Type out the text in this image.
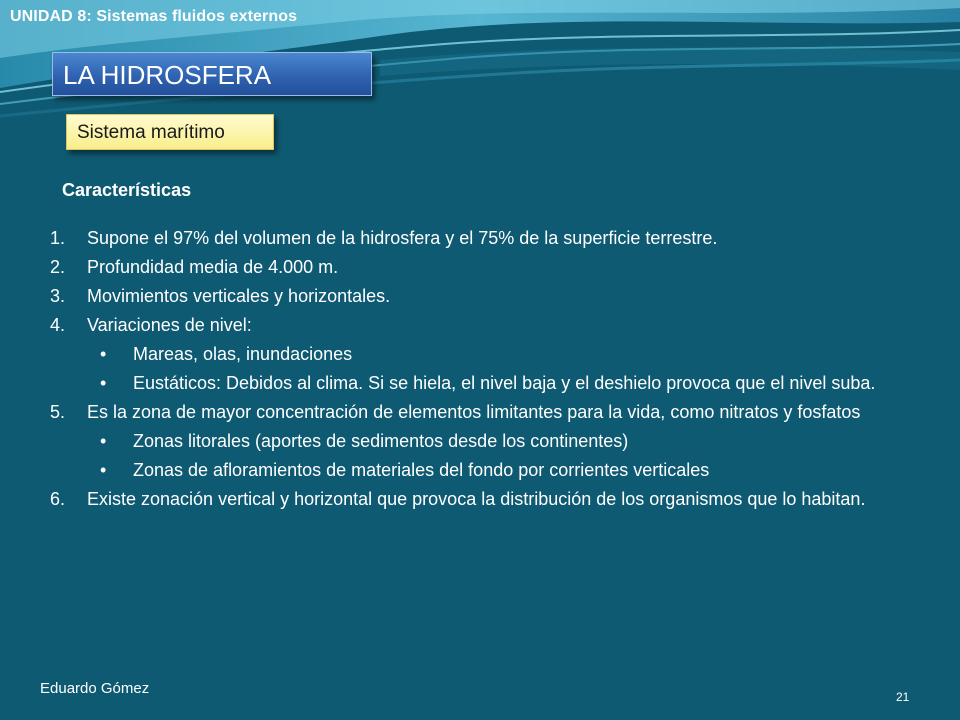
UNIDAD 8: Sistemas fluidos externos
LA HIDROSFERA
Sistema marítimo
Características
1.	Supone el 97% del volumen de la hidrosfera y el 75% de la superficie terrestre.
2.	Profundidad media de 4.000 m.
3.	Movimientos verticales y horizontales.
4.	Variaciones de nivel:
•	Mareas, olas, inundaciones
•	Eustáticos: Debidos al clima. Si se hiela, el nivel baja y el deshielo provoca que el nivel suba.
5.	Es la zona de mayor concentración de elementos limitantes para la vida, como nitratos y fosfatos
•	Zonas litorales (aportes de sedimentos desde los continentes)
•	Zonas de afloramientos de materiales del fondo por corrientes verticales
6.	Existe zonación vertical y horizontal que provoca la distribución de los organismos que lo habitan.
Eduardo Gómez	21
